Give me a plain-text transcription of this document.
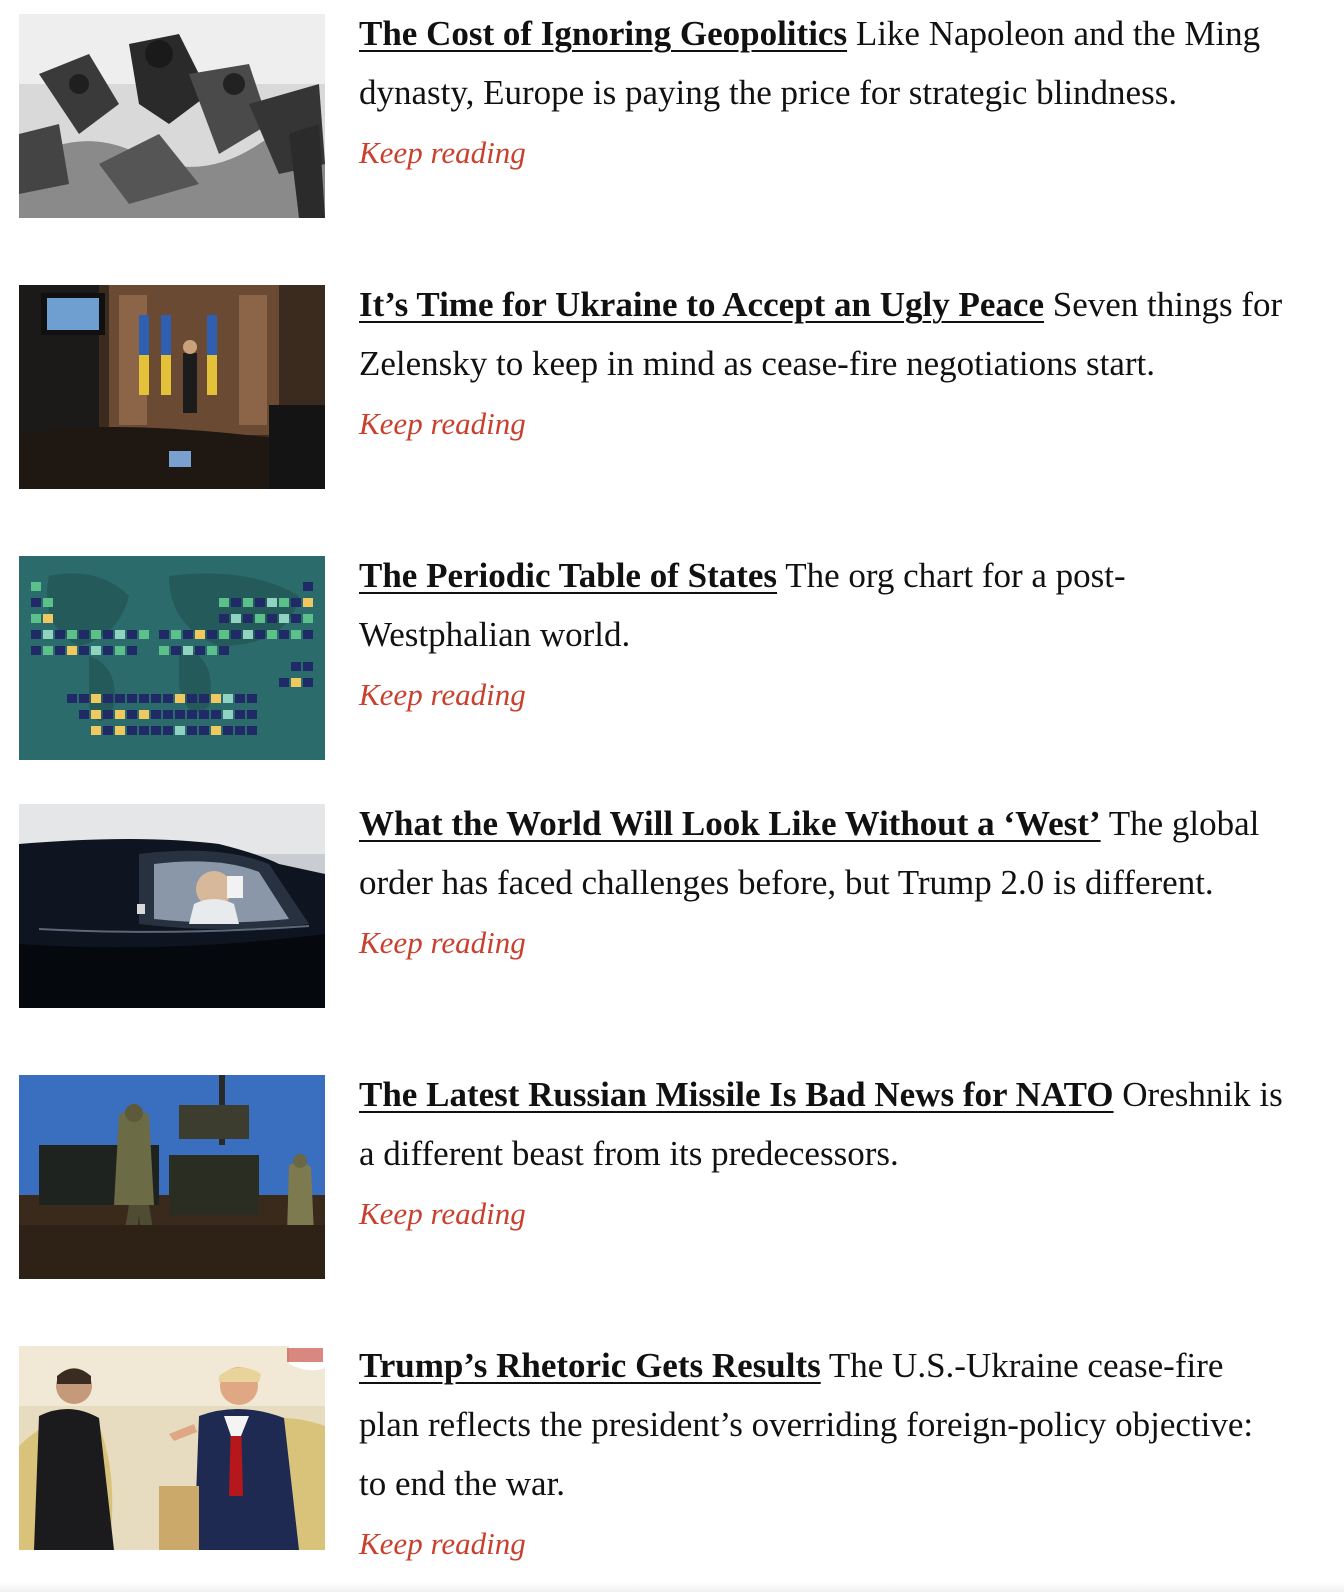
The Cost of Ignoring Geopolitics Like Napoleon and the Ming dynasty, Europe is paying the price for strategic blindness.

Keep reading

It’s Time for Ukraine to Accept an Ugly Peace Seven things for Zelensky to keep in mind as cease-fire negotiations start.

Keep reading

The Periodic Table of States The org chart for a post-Westphalian world.

Keep reading

What the World Will Look Like Without a ‘West’ The global order has faced challenges before, but Trump 2.0 is different.

Keep reading

The Latest Russian Missile Is Bad News for NATO Oreshnik is a different beast from its predecessors.

Keep reading

Trump’s Rhetoric Gets Results The U.S.-Ukraine cease-fire plan reflects the president’s overriding foreign-policy objective: to end the war.

Keep reading
